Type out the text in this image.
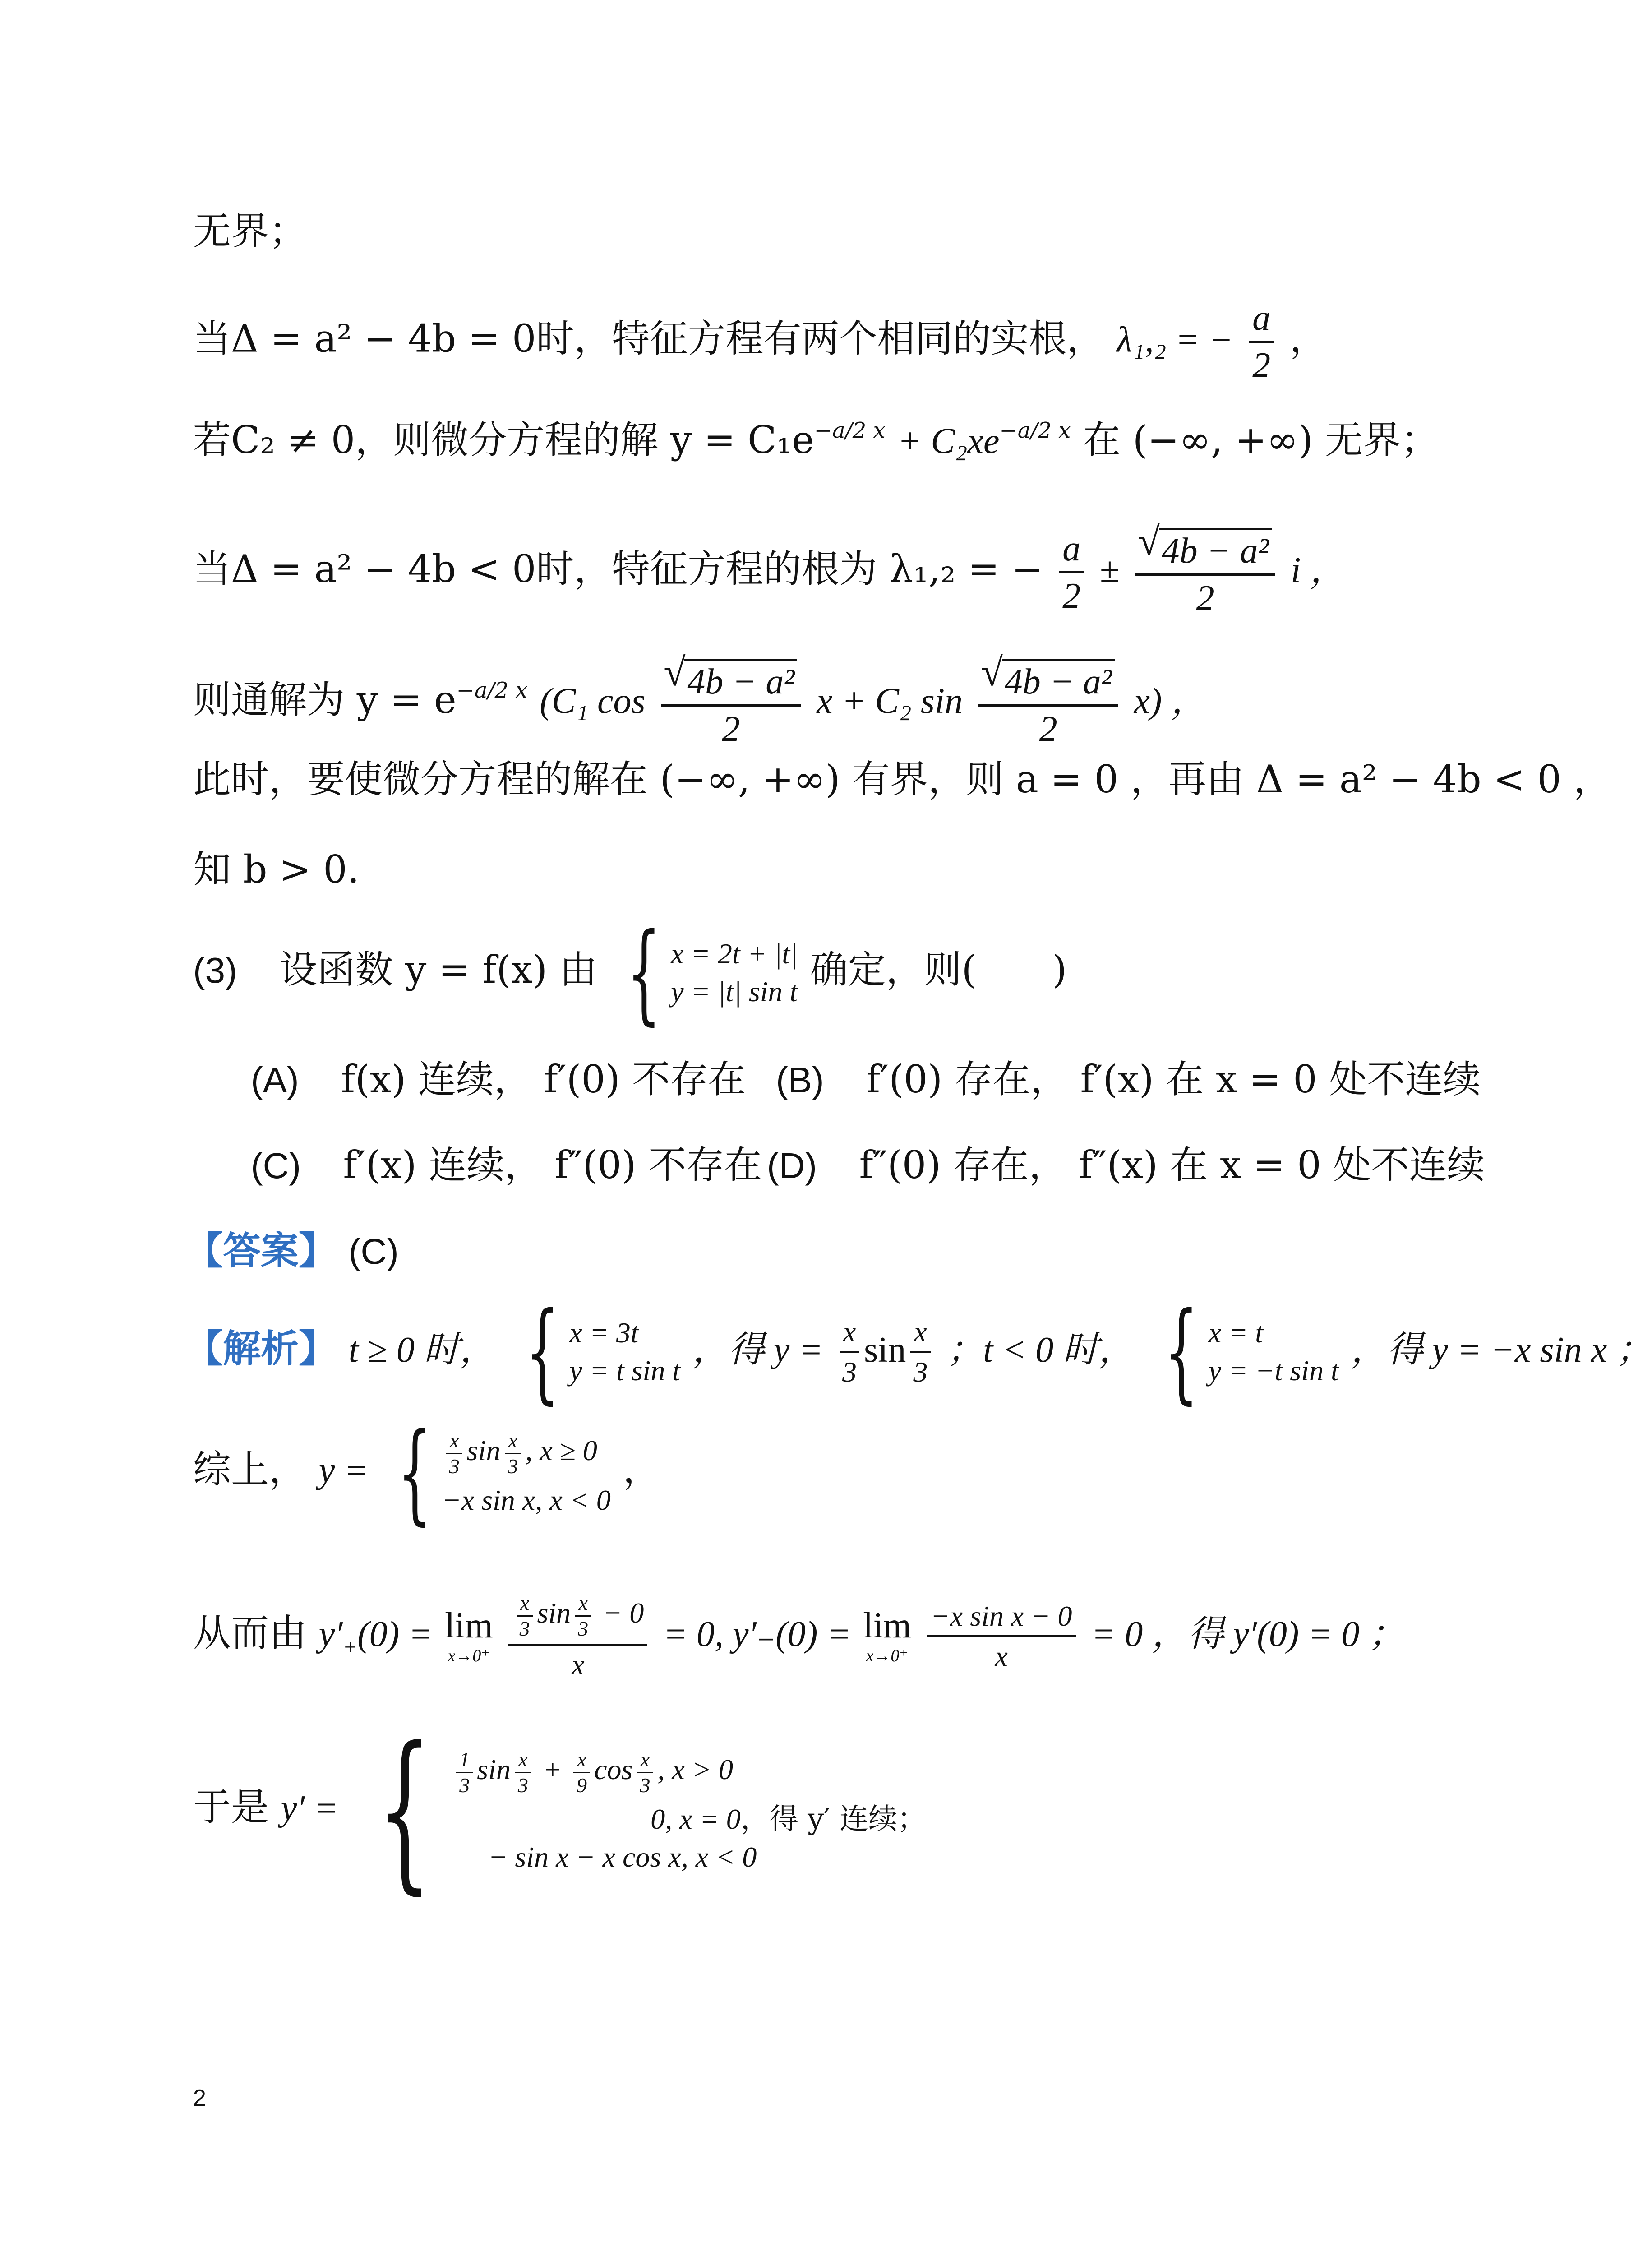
无界；
当Δ = a² − 4b = 0时，特征方程有两个相同的实根， λ₁,₂ = − $\frac{a}{2}$ ，
若C₂ ≠ 0，则微分方程的解 $y = C_1e^{-a/2 x} + C_2xe^{-a/2 x}$ 在 (−∞, +∞) 无界；
当Δ = a² − 4b < 0时，特征方程的根为 λ₁,₂ = − $\frac{a}{2}$ ± √ $\frac{\text{4b − a²}}{2}$ i ，
则通解为 $y = e^{-a/2 x}$ (C₁ cos √ $\frac{\text{4b − a²}}{2}$ x + C₂ sin √ $\frac{\text{4b − a²}}{2} x$) ，
此时，要使微分方程的解在 (−∞, +∞) 有界，则 a = 0 ，再由 Δ = a² − 4b < 0 ，
知 b > 0.
(3) 设函数 y = f(x) 由 { x = 2t + |t|
y = |t| sin t 确定，则(　　)
(A) f(x) 连续， f′(0) 不存在 (B) f′(0) 存在， f′(x) 在 x = 0 处不连续
(C) f′(x) 连续， f″(0) 不存在 (D) f″(0) 存在， f″(x) 在 x = 0 处不连续
【答案】 (C)
【解析】 t ≥ 0 时， { x = 3t
y = t sin t
，得 $y = \frac{x}{3}$ $\sin \frac{x}{3}$ ；t < 0 时， { x = t
y = −t sin t
，得 y = −x sin x ；
综上， y = { $\frac{x}{3}$ $\sin \frac{x}{3}$ , x ≥ 0
−x sin x, x < 0
，
从而由 $y'_+(0) = \lim$
x→0⁺
$\frac{\frac{x}{3} \sin \frac{x}{3} - 0}{x} = 0$, y′₋(0) = lim
x→0⁺
$\frac{\text{−x sin x − 0}}{x} = 0$ ，得 y′(0) = 0 ；
于是 y′ = { $\frac{1}{3}$ $\sin \frac{x}{3} + \frac{x}{9}$ $\cos \frac{x}{3}$ , x > 0
0, x = 0，得 y′ 连续；
− sin x − x cos x, x < 0
2
